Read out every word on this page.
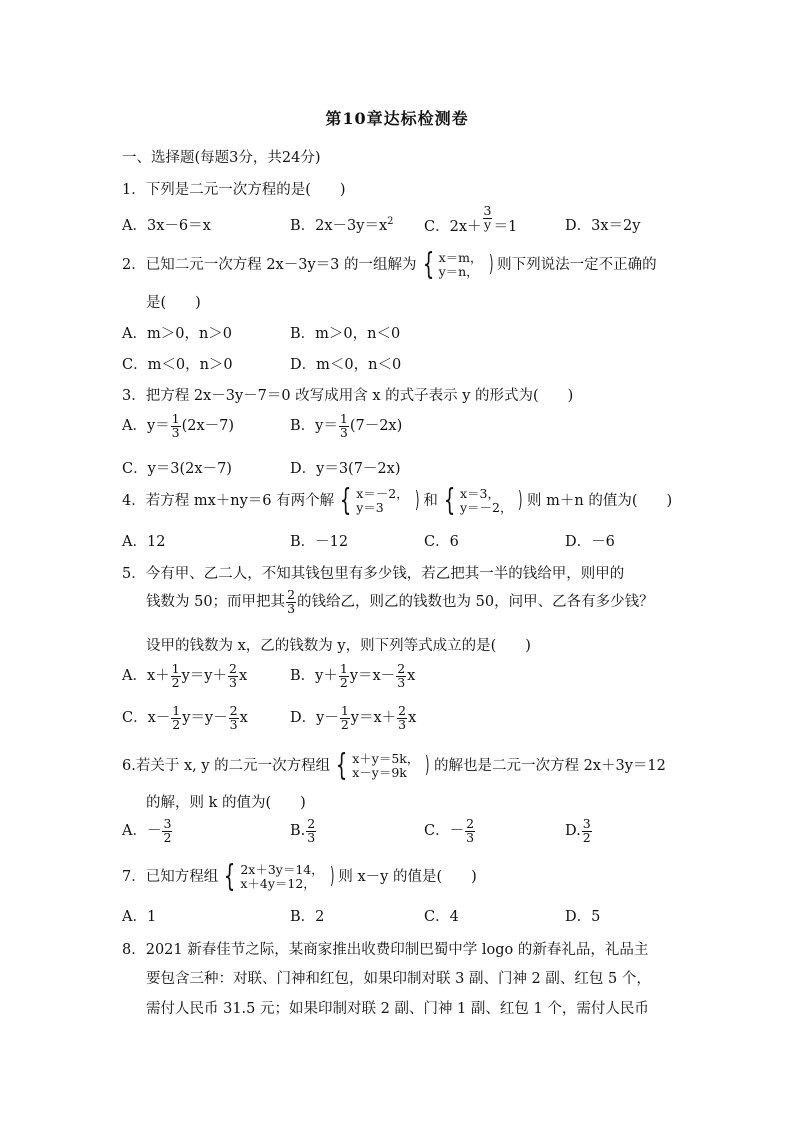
第10章达标检测卷
一、选择题(每题3分，共24分)
1．下列是二元一次方程的是(　　)
A．3x－6＝x	B．$2x-3y=x^2$ C．$2x+ \frac{3}{y} =1$	D．3x＝2y
2．已知二元一次方程 2x－3y＝3 的一组解为 { x＝m，
y＝n， ) 则下列说法一定不正确的
是(　　)
A．m＞0，n＞0	B．m＞0，n＜0
C．m＜0，n＞0	D．m＜0，n＜0
3．把方程 2x－3y－7＝0 改写成用含 x 的式子表示 y 的形式为(　　)
A．$y= \frac{1}{3} (2x-7)$	B．$y= \frac{1}{3} (7-2x)$
C．y＝3(2x－7)	D．y＝3(7－2x)
4．若方程 mx＋ny＝6 有两个解 { x＝－2，
y＝3	) 和 { x＝3，
y＝－2， ) 则 m＋n 的值为(　　)
A．12	B．－12	C．6	D．－6
5．今有甲、乙二人，不知其钱包里有多少钱，若乙把其一半的钱给甲，则甲的
钱数为 50；而甲把其 $\frac{2}{3}$ 的钱给乙，则乙的钱数也为 50，问甲、乙各有多少钱？
设甲的钱数为 x，乙的钱数为 y，则下列等式成立的是(　　)
A．$x+ \frac{1}{2} y=y+ \frac{2}{3}$ x	B．$y+ \frac{1}{2} y=x- \frac{2}{3}$ x
C．$x- \frac{1}{2} y=y- \frac{2}{3}$ x	D．$y- \frac{1}{2} y=x+ \frac{2}{3}$ x
6.若关于 x, y 的二元一次方程组 { x＋y＝5k，
x－y＝9k ) 的解也是二元一次方程 2x＋3y＝12
的解，则 k 的值为(　　)
A．－ $\frac{3}{2}$	B. $\frac{2}{3}$	C．－ $\frac{2}{3}$	D. $\frac{3}{2}$
7．已知方程组 { 2x＋3y＝14，
x＋4y＝12， ) 则 x－y 的值是(　　)
A．1	B．2	C．4	D．5
8．2021 新春佳节之际，某商家推出收费印制巴蜀中学 logo 的新春礼品，礼品主
要包含三种：对联、门神和红包，如果印制对联 3 副、门神 2 副、红包 5 个，
需付人民币 31.5 元；如果印制对联 2 副、门神 1 副、红包 1 个，需付人民币
